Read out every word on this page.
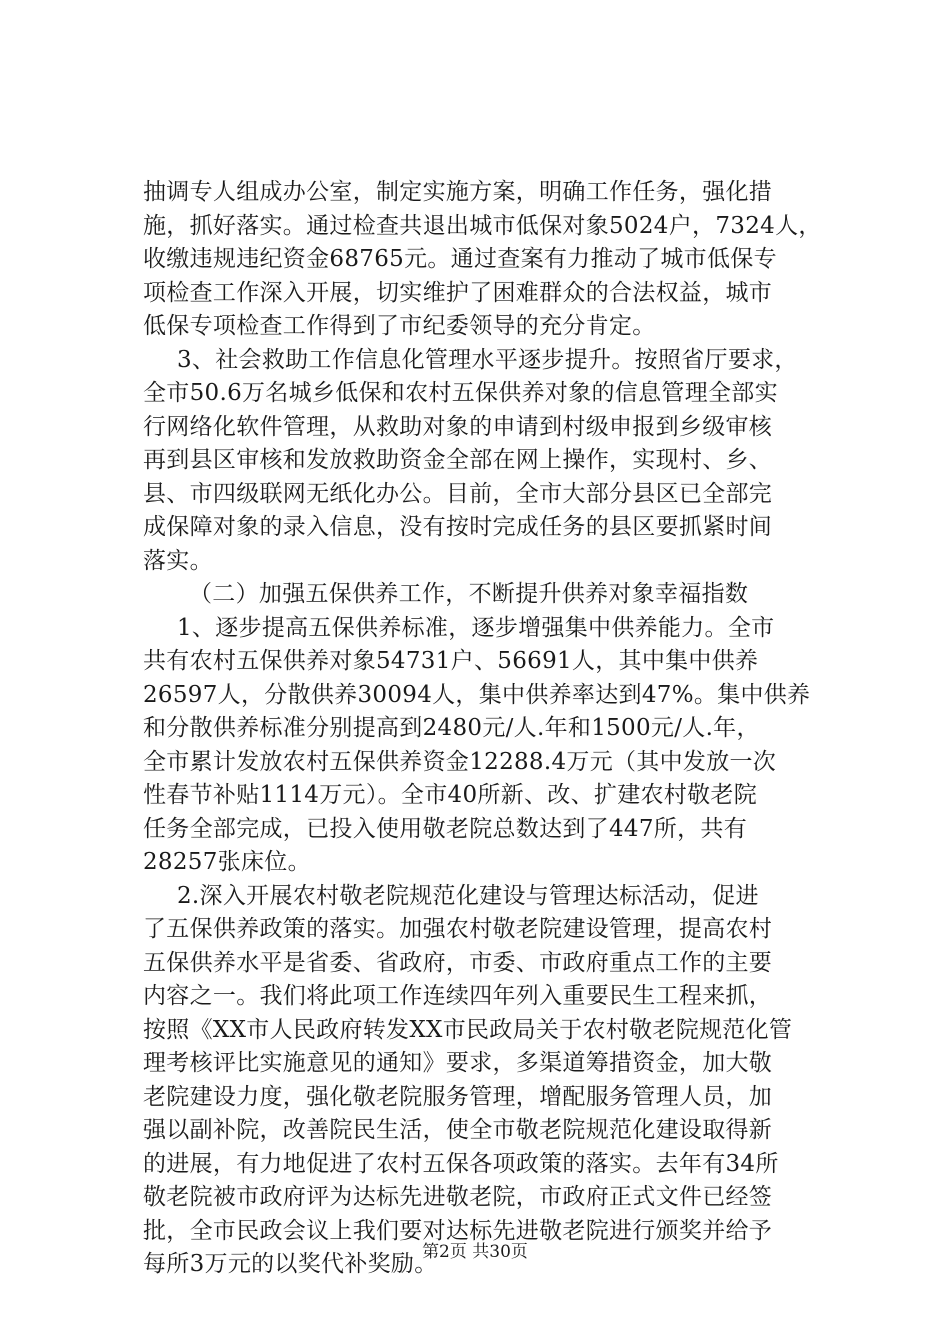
抽调专人组成办公室，制定实施方案，明确工作任务，强化措
施，抓好落实。通过检查共退出城市低保对象5024户，7324人，
收缴违规违纪资金68765元。通过查案有力推动了城市低保专
项检查工作深入开展，切实维护了困难群众的合法权益，城市
低保专项检查工作得到了市纪委领导的充分肯定。
3、社会救助工作信息化管理水平逐步提升。按照省厅要求，
全市50.6万名城乡低保和农村五保供养对象的信息管理全部实
行网络化软件管理，从救助对象的申请到村级申报到乡级审核
再到县区审核和发放救助资金全部在网上操作，实现村、乡、
县、市四级联网无纸化办公。目前，全市大部分县区已全部完
成保障对象的录入信息，没有按时完成任务的县区要抓紧时间
落实。
（二）加强五保供养工作，不断提升供养对象幸福指数
1、逐步提高五保供养标准，逐步增强集中供养能力。全市
共有农村五保供养对象54731户、56691人，其中集中供养
26597人，分散供养30094人，集中供养率达到47%。集中供养
和分散供养标准分别提高到2480元/人.年和1500元/人.年，
全市累计发放农村五保供养资金12288.4万元（其中发放一次
性春节补贴1114万元）。全市40所新、改、扩建农村敬老院
任务全部完成，已投入使用敬老院总数达到了447所，共有
28257张床位。
2.深入开展农村敬老院规范化建设与管理达标活动，促进
了五保供养政策的落实。加强农村敬老院建设管理，提高农村
五保供养水平是省委、省政府，市委、市政府重点工作的主要
内容之一。我们将此项工作连续四年列入重要民生工程来抓，
按照《XX市人民政府转发XX市民政局关于农村敬老院规范化管
理考核评比实施意见的通知》要求，多渠道筹措资金，加大敬
老院建设力度，强化敬老院服务管理，增配服务管理人员，加
强以副补院，改善院民生活，使全市敬老院规范化建设取得新
的进展，有力地促进了农村五保各项政策的落实。去年有34所
敬老院被市政府评为达标先进敬老院，市政府正式文件已经签
批，全市民政会议上我们要对达标先进敬老院进行颁奖并给予
每所3万元的以奖代补奖励。
第2页 共30页
